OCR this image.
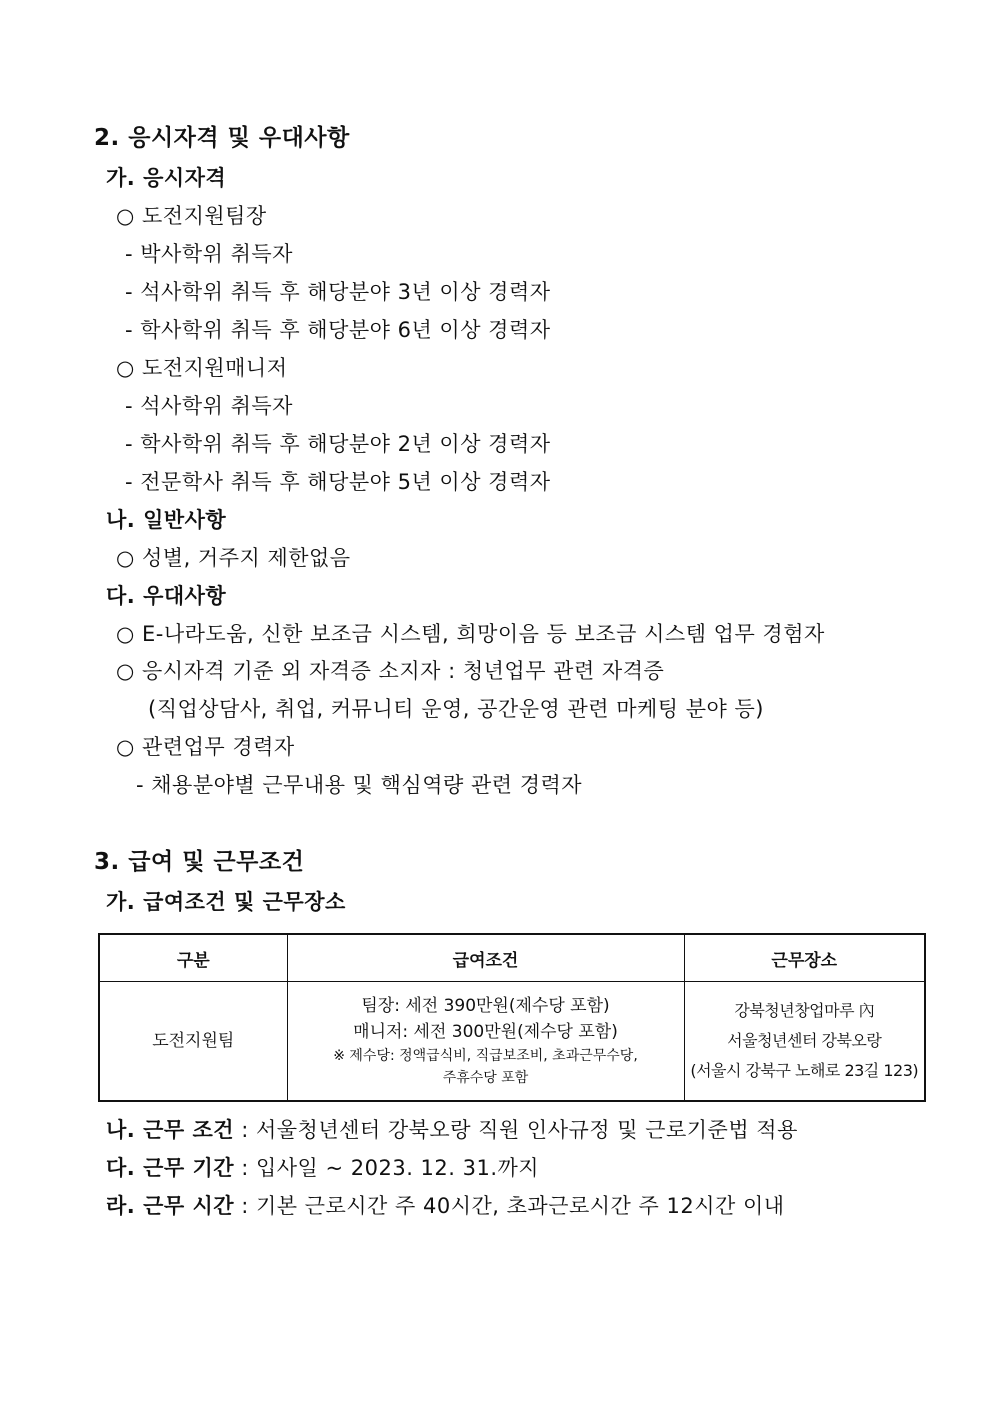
2. 응시자격 및 우대사항
가. 응시자격
○ 도전지원팀장
- 박사학위 취득자
- 석사학위 취득 후 해당분야 3년 이상 경력자
- 학사학위 취득 후 해당분야 6년 이상 경력자
○ 도전지원매니저
- 석사학위 취득자
- 학사학위 취득 후 해당분야 2년 이상 경력자
- 전문학사 취득 후 해당분야 5년 이상 경력자
나. 일반사항
○ 성별, 거주지 제한없음
다. 우대사항
○ E-나라도움, 신한 보조금 시스템, 희망이음 등 보조금 시스템 업무 경험자
○ 응시자격 기준 외 자격증 소지자 : 청년업무 관련 자격증
(직업상담사, 취업, 커뮤니티 운영, 공간운영 관련 마케팅 분야 등)
○ 관련업무 경력자
- 채용분야별 근무내용 및 핵심역량 관련 경력자
3. 급여 및 근무조건
가. 급여조건 및 근무장소
구분	급여조건	근무장소
도전지원팀	팀장: 세전 390만원(제수당 포함)
매니저: 세전 300만원(제수당 포함)
※ 제수당: 정액급식비, 직급보조비, 초과근무수당,
주휴수당 포함	강북청년창업마루 內
서울청년센터 강북오랑
(서울시 강북구 노해로 23길 123)
나. 근무 조건 : 서울청년센터 강북오랑 직원 인사규정 및 근로기준법 적용
다. 근무 기간 : 입사일 ~ 2023. 12. 31.까지
라. 근무 시간 : 기본 근로시간 주 40시간, 초과근로시간 주 12시간 이내
